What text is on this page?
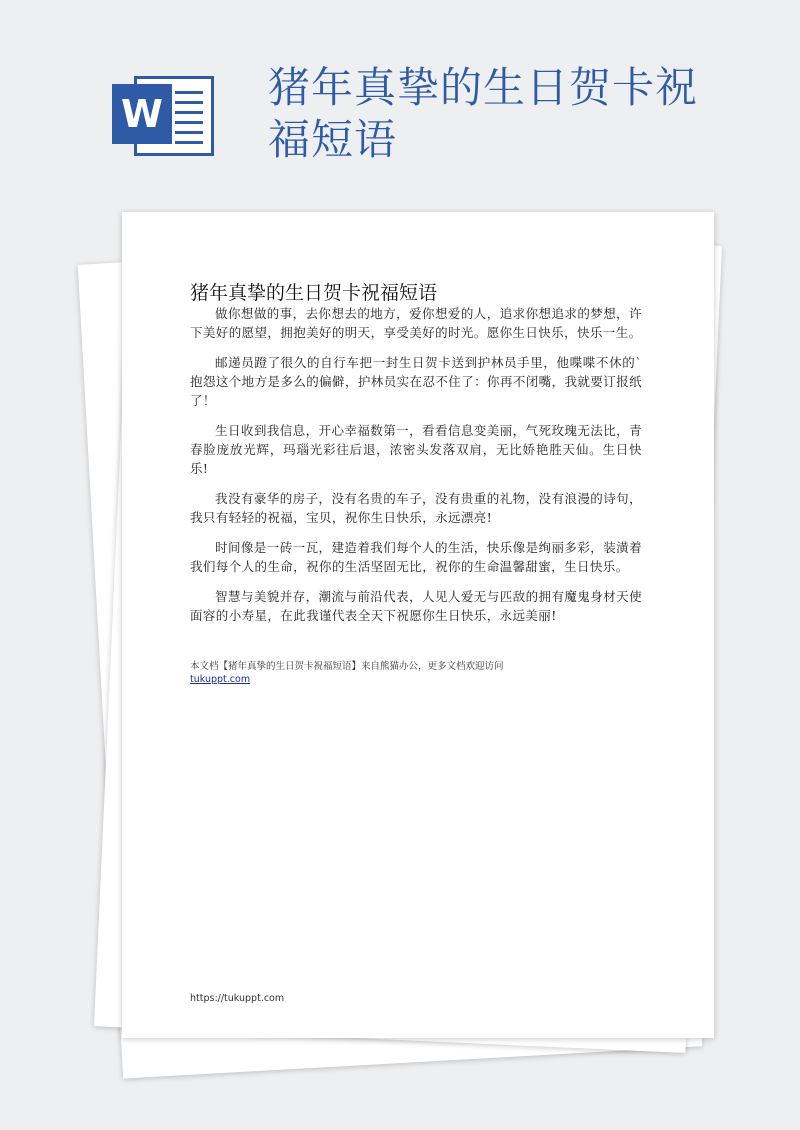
W
猪年真挚的生日贺卡祝福短语
猪年真挚的生日贺卡祝福短语

做你想做的事，去你想去的地方，爱你想爱的人，追求你想追求的梦想，许下美好的愿望，拥抱美好的明天，享受美好的时光。愿你生日快乐，快乐一生。

邮递员蹬了很久的自行车把一封生日贺卡送到护林员手里，他喋喋不休的`抱怨这个地方是多么的偏僻，护林员实在忍不住了：你再不闭嘴，我就要订报纸了！

生日收到我信息，开心幸福数第一，看看信息变美丽，气死玫瑰无法比，青春脸庞放光辉，玛瑙光彩往后退，浓密头发落双肩，无比娇艳胜天仙。生日快乐!

我没有豪华的房子，没有名贵的车子，没有贵重的礼物，没有浪漫的诗句，我只有轻轻的祝福，宝贝，祝你生日快乐，永远漂亮!

时间像是一砖一瓦，建造着我们每个人的生活，快乐像是绚丽多彩，装潢着我们每个人的生命，祝你的生活坚固无比，祝你的生命温馨甜蜜，生日快乐。

智慧与美貌并存，潮流与前沿代表，人见人爱无与匹敌的拥有魔鬼身材天使面容的小寿星，在此我谨代表全天下祝愿你生日快乐，永远美丽!

本文档【猪年真挚的生日贺卡祝福短语】来自熊猫办公，更多文档欢迎访问
tukuppt.com
https://tukuppt.com
